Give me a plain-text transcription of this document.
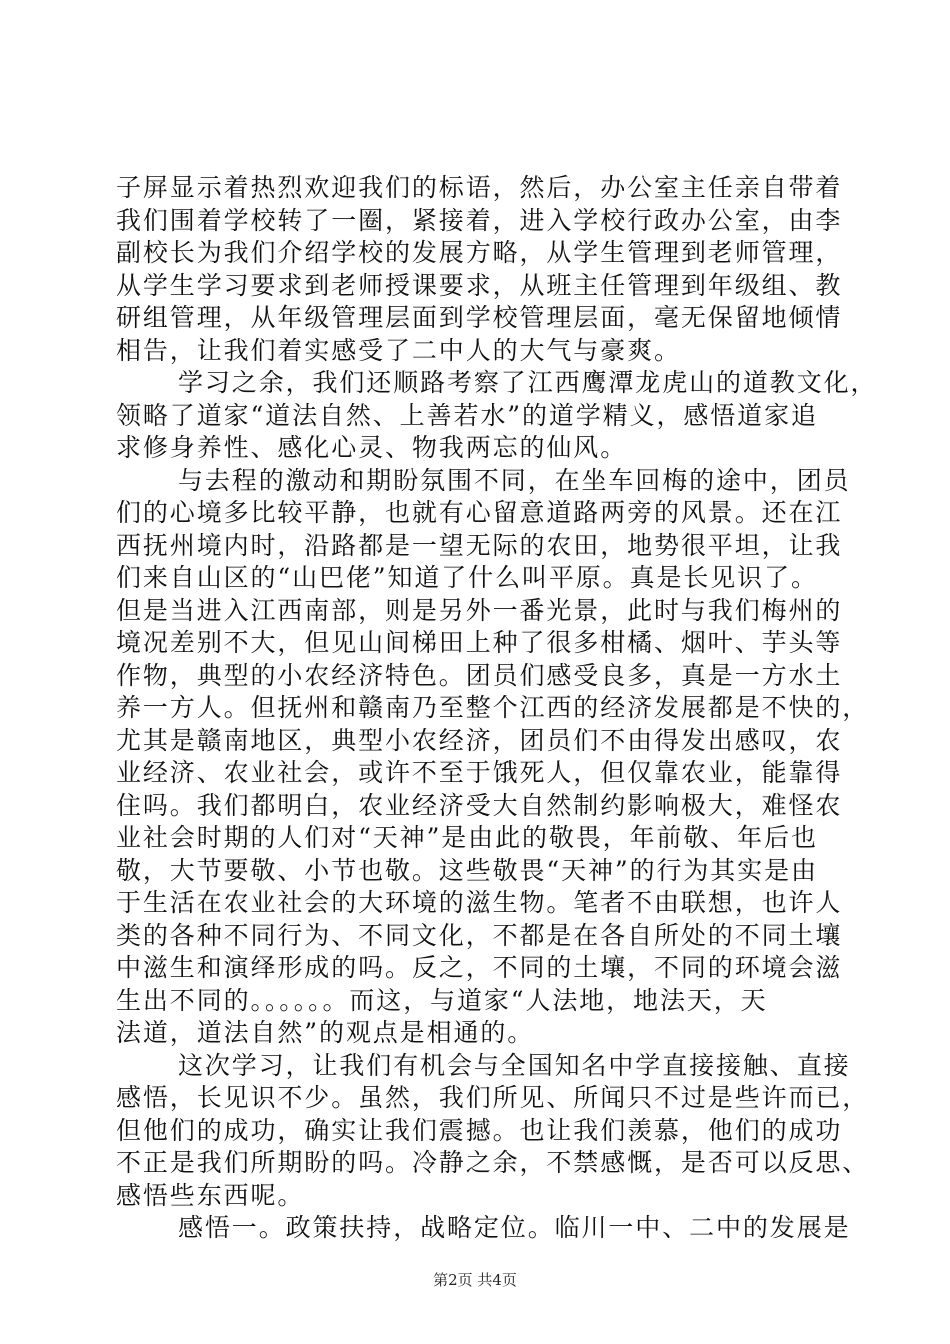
子屏显示着热烈欢迎我们的标语，然后，办公室主任亲自带着
我们围着学校转了一圈，紧接着，进入学校行政办公室，由李
副校长为我们介绍学校的发展方略，从学生管理到老师管理，
从学生学习要求到老师授课要求，从班主任管理到年级组、教
研组管理，从年级管理层面到学校管理层面，毫无保留地倾情
相告，让我们着实感受了二中人的大气与豪爽。
学习之余，我们还顺路考察了江西鹰潭龙虎山的道教文化，
领略了道家“道法自然、上善若水”的道学精义，感悟道家追
求修身养性、感化心灵、物我两忘的仙风。
与去程的激动和期盼氛围不同，在坐车回梅的途中，团员
们的心境多比较平静，也就有心留意道路两旁的风景。还在江
西抚州境内时，沿路都是一望无际的农田，地势很平坦，让我
们来自山区的“山巴佬”知道了什么叫平原。真是长见识了。
但是当进入江西南部，则是另外一番光景，此时与我们梅州的
境况差别不大，但见山间梯田上种了很多柑橘、烟叶、芋头等
作物，典型的小农经济特色。团员们感受良多，真是一方水土
养一方人。但抚州和赣南乃至整个江西的经济发展都是不快的，
尤其是赣南地区，典型小农经济，团员们不由得发出感叹，农
业经济、农业社会，或许不至于饿死人，但仅靠农业，能靠得
住吗。我们都明白，农业经济受大自然制约影响极大，难怪农
业社会时期的人们对“天神”是由此的敬畏，年前敬、年后也
敬，大节要敬、小节也敬。这些敬畏“天神”的行为其实是由
于生活在农业社会的大环境的滋生物。笔者不由联想，也许人
类的各种不同行为、不同文化，不都是在各自所处的不同土壤
中滋生和演绎形成的吗。反之，不同的土壤，不同的环境会滋
生出不同的。。。。。。而这，与道家“人法地，地法天，天
法道，道法自然”的观点是相通的。
这次学习，让我们有机会与全国知名中学直接接触、直接
感悟，长见识不少。虽然，我们所见、所闻只不过是些许而已，
但他们的成功，确实让我们震撼。也让我们羡慕，他们的成功
不正是我们所期盼的吗。冷静之余，不禁感慨，是否可以反思、
感悟些东西呢。
感悟一。政策扶持，战略定位。临川一中、二中的发展是
第2页 共4页
